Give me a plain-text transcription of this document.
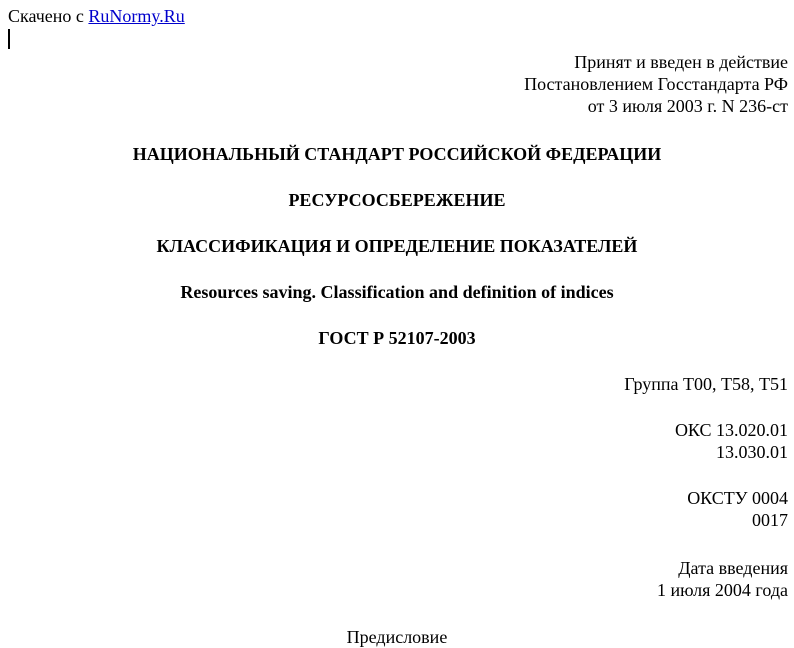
Скачено с RuNormy.Ru
Принят и введен в действие
Постановлением Госстандарта РФ
от 3 июля 2003 г. N 236-ст
НАЦИОНАЛЬНЫЙ СТАНДАРТ РОССИЙСКОЙ ФЕДЕРАЦИИ
РЕСУРСОСБЕРЕЖЕНИЕ
КЛАССИФИКАЦИЯ И ОПРЕДЕЛЕНИЕ ПОКАЗАТЕЛЕЙ
Resources saving. Classification and definition of indices
ГОСТ Р 52107-2003
Группа Т00, Т58, Т51
ОКС 13.020.01
13.030.01
ОКСТУ 0004
0017
Дата введения
1 июля 2004 года
Предисловие
